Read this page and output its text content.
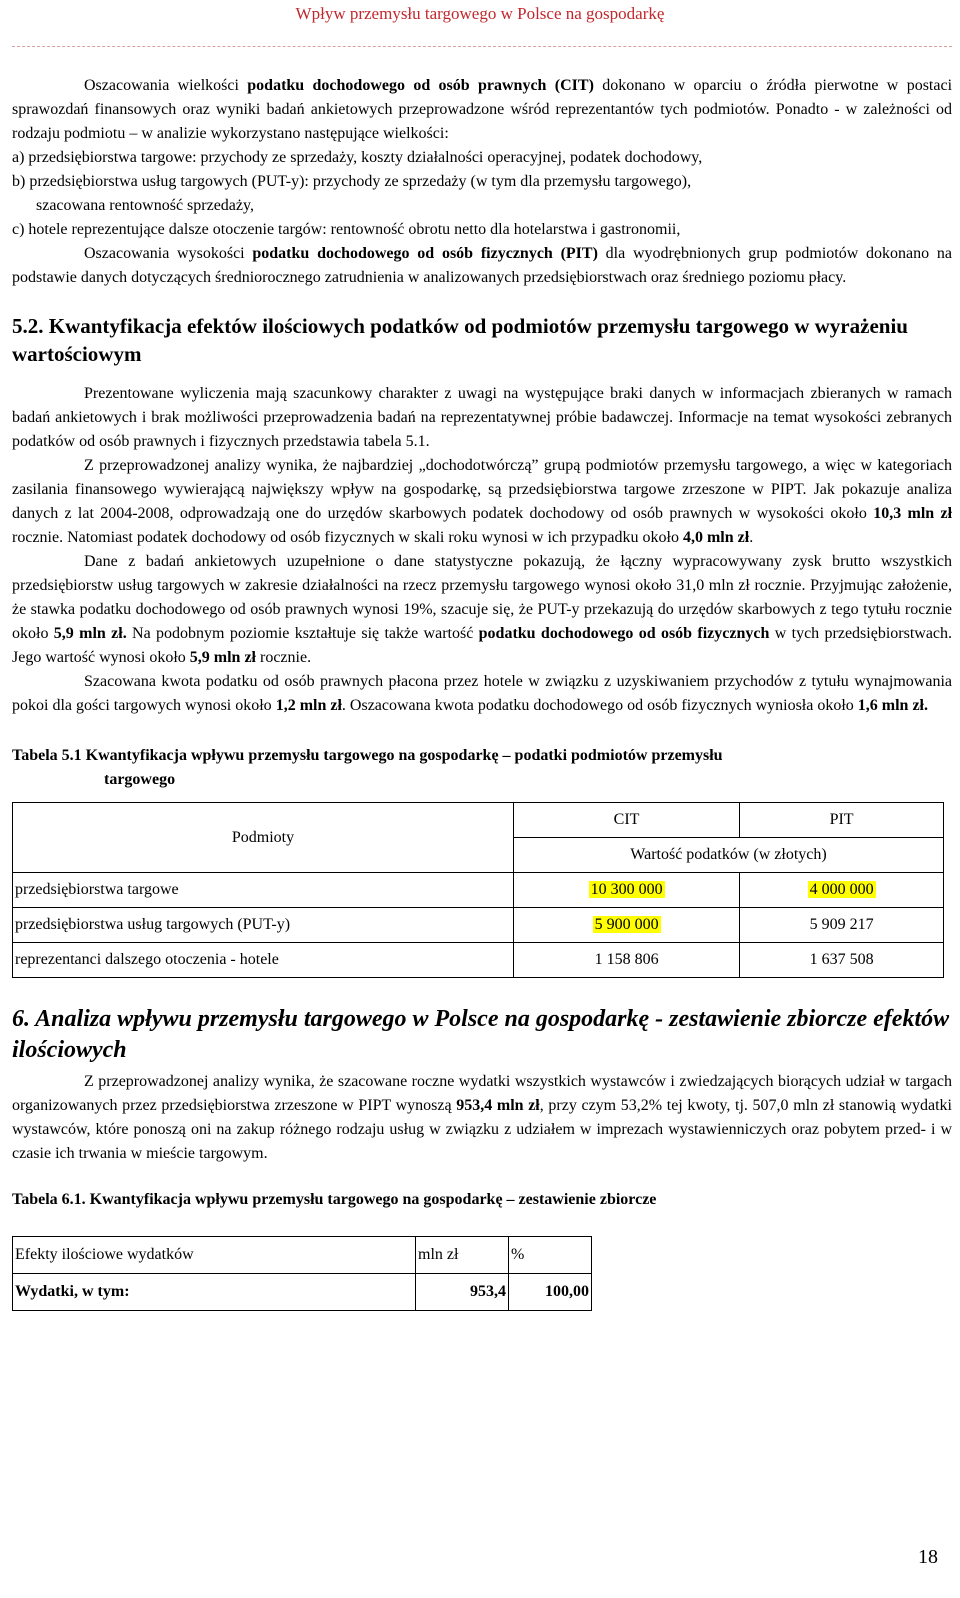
Wpływ przemysłu targowego w Polsce na gospodarkę

Oszacowania wielkości podatku dochodowego od osób prawnych (CIT) dokonano w oparciu o źródła pierwotne w postaci sprawozdań finansowych oraz wyniki badań ankietowych przeprowadzone wśród reprezentantów tych podmiotów. Ponadto - w zależności od rodzaju podmiotu – w analizie wykorzystano następujące wielkości:

a) przedsiębiorstwa targowe: przychody ze sprzedaży, koszty działalności operacyjnej, podatek dochodowy,

b) przedsiębiorstwa usług targowych (PUT-y): przychody ze sprzedaży (w tym dla przemysłu targowego),

szacowana rentowność sprzedaży,

c) hotele reprezentujące dalsze otoczenie targów: rentowność obrotu netto dla hotelarstwa i gastronomii,

Oszacowania wysokości podatku dochodowego od osób fizycznych (PIT) dla wyodrębnionych grup podmiotów dokonano na podstawie danych dotyczących średniorocznego zatrudnienia w analizowanych przedsiębiorstwach oraz średniego poziomu płacy.

5.2. Kwantyfikacja efektów ilościowych podatków od podmiotów przemysłu targowego w wyrażeniu wartościowym

Prezentowane wyliczenia mają szacunkowy charakter z uwagi na występujące braki danych w informacjach zbieranych w ramach badań ankietowych i brak możliwości przeprowadzenia badań na reprezentatywnej próbie badawczej. Informacje na temat wysokości zebranych podatków od osób prawnych i fizycznych przedstawia tabela 5.1.

Z przeprowadzonej analizy wynika, że najbardziej „dochodotwórczą” grupą podmiotów przemysłu targowego, a więc w kategoriach zasilania finansowego wywierającą największy wpływ na gospodarkę, są przedsiębiorstwa targowe zrzeszone w PIPT. Jak pokazuje analiza danych z lat 2004-2008, odprowadzają one do urzędów skarbowych podatek dochodowy od osób prawnych w wysokości około 10,3 mln zł rocznie. Natomiast podatek dochodowy od osób fizycznych w skali roku wynosi w ich przypadku około 4,0 mln zł.

Dane z badań ankietowych uzupełnione o dane statystyczne pokazują, że łączny wypracowywany zysk brutto wszystkich przedsiębiorstw usług targowych w zakresie działalności na rzecz przemysłu targowego wynosi około 31,0 mln zł rocznie. Przyjmując założenie, że stawka podatku dochodowego od osób prawnych wynosi 19%, szacuje się, że PUT-y przekazują do urzędów skarbowych z tego tytułu rocznie około 5,9 mln zł. Na podobnym poziomie kształtuje się także wartość podatku dochodowego od osób fizycznych w tych przedsiębiorstwach. Jego wartość wynosi około 5,9 mln zł rocznie.

Szacowana kwota podatku od osób prawnych płacona przez hotele w związku z uzyskiwaniem przychodów z tytułu wynajmowania pokoi dla gości targowych wynosi około 1,2 mln zł. Oszacowana kwota podatku dochodowego od osób fizycznych wyniosła około 1,6 mln zł.

Tabela 5.1 Kwantyfikacja wpływu przemysłu targowego na gospodarkę – podatki podmiotów przemysłu
targowego

Podmioty	CIT	PIT
	Wartość podatków (w złotych)	
przedsiębiorstwa targowe	10 300 000	4 000 000
przedsiębiorstwa usług targowych (PUT-y)	5 900 000	5 909 217
reprezentanci dalszego otoczenia - hotele	1 158 806	1 637 508
6. Analiza wpływu przemysłu targowego w Polsce na gospodarkę - zestawienie zbiorcze efektów ilościowych

Z przeprowadzonej analizy wynika, że szacowane roczne wydatki wszystkich wystawców i zwiedzających biorących udział w targach organizowanych przez przedsiębiorstwa zrzeszone w PIPT wynoszą 953,4 mln zł, przy czym 53,2% tej kwoty, tj. 507,0 mln zł stanowią wydatki wystawców, które ponoszą oni na zakup różnego rodzaju usług w związku z udziałem w imprezach wystawienniczych oraz pobytem przed- i w czasie ich trwania w mieście targowym.

Tabela 6.1. Kwantyfikacja wpływu przemysłu targowego na gospodarkę – zestawienie zbiorcze

Efekty ilościowe wydatków	mln zł	%
Wydatki, w tym:	953,4	100,00
18
